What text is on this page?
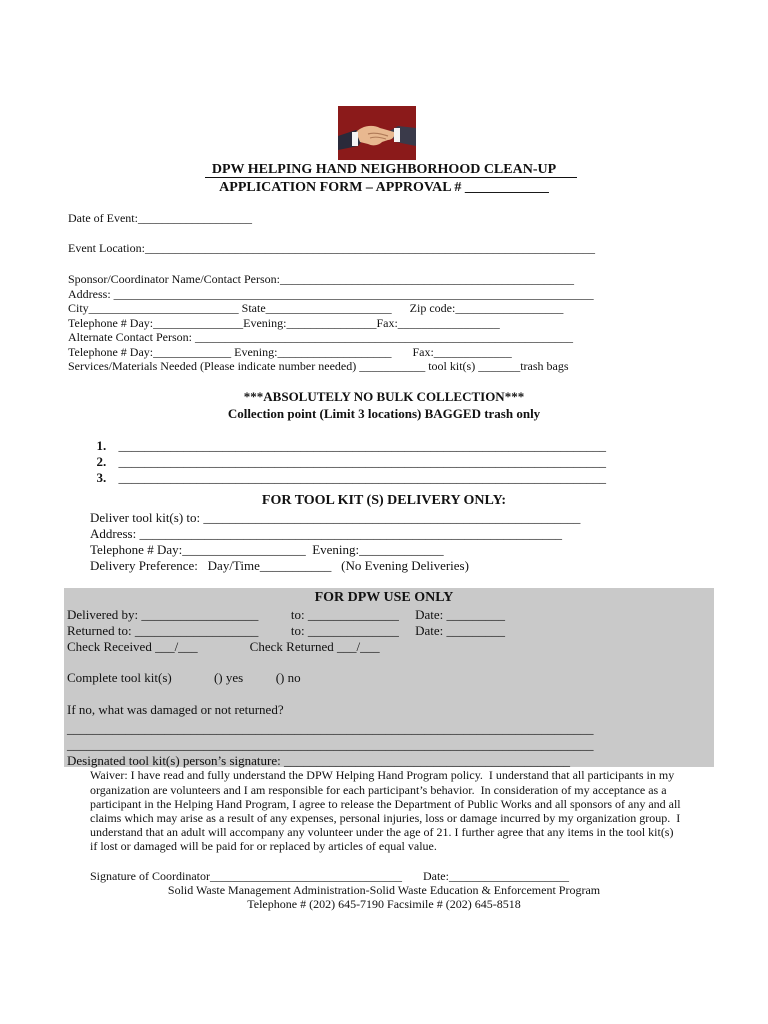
DPW HELPING HAND NEIGHBORHOOD CLEAN-UP
APPLICATION FORM – APPROVAL # ____________
Date of Event:___________________
Event Location:___________________________________________________________________________
Sponsor/Coordinator Name/Contact Person:_________________________________________________
Address: ________________________________________________________________________________
City_________________________ State_____________________      Zip code:__________________
Telephone # Day:_______________Evening:_______________Fax:_________________
Alternate Contact Person: _______________________________________________________________
Telephone # Day:_____________ Evening:___________________       Fax:_____________
Services/Materials Needed (Please indicate number needed) ___________ tool kit(s) _______trash bags
***ABSOLUTELY NO BULK COLLECTION***
Collection point (Limit 3 locations) BAGGED trash only

1. ___________________________________________________________________________

2. ___________________________________________________________________________

3. ___________________________________________________________________________

FOR TOOL KIT (S) DELIVERY ONLY:
Deliver tool kit(s) to: __________________________________________________________
Address: _________________________________________________________________
Telephone # Day:___________________  Evening:_____________
Delivery Preference:   Day/Time___________   (No Evening Deliveries)
FOR DPW USE ONLY
Delivered by: __________________          to: ______________     Date: _________
Returned to: ___________________          to: ______________     Date: _________
Check Received ___/___                Check Returned ___/___
Complete tool kit(s)             () yes          () no
If no, what was damaged or not returned?
_________________________________________________________________________________
_________________________________________________________________________________
Designated tool kit(s) person’s signature: ____________________________________________
Waiver: I have read and fully understand the DPW Helping Hand Program policy.  I understand that all participants in my
organization are volunteers and I am responsible for each participant’s behavior.  In consideration of my acceptance as a
participant in the Helping Hand Program, I agree to release the Department of Public Works and all sponsors of any and all
claims which may arise as a result of any expenses, personal injuries, loss or damage incurred by my organization group.  I
understand that an adult will accompany any volunteer under the age of 21. I further agree that any items in the tool kit(s)
if lost or damaged will be paid for or replaced by articles of equal value.
Signature of Coordinator________________________________       Date:____________________
Solid Waste Management Administration-Solid Waste Education & Enforcement Program
Telephone # (202) 645-7190 Facsimile # (202) 645-8518
